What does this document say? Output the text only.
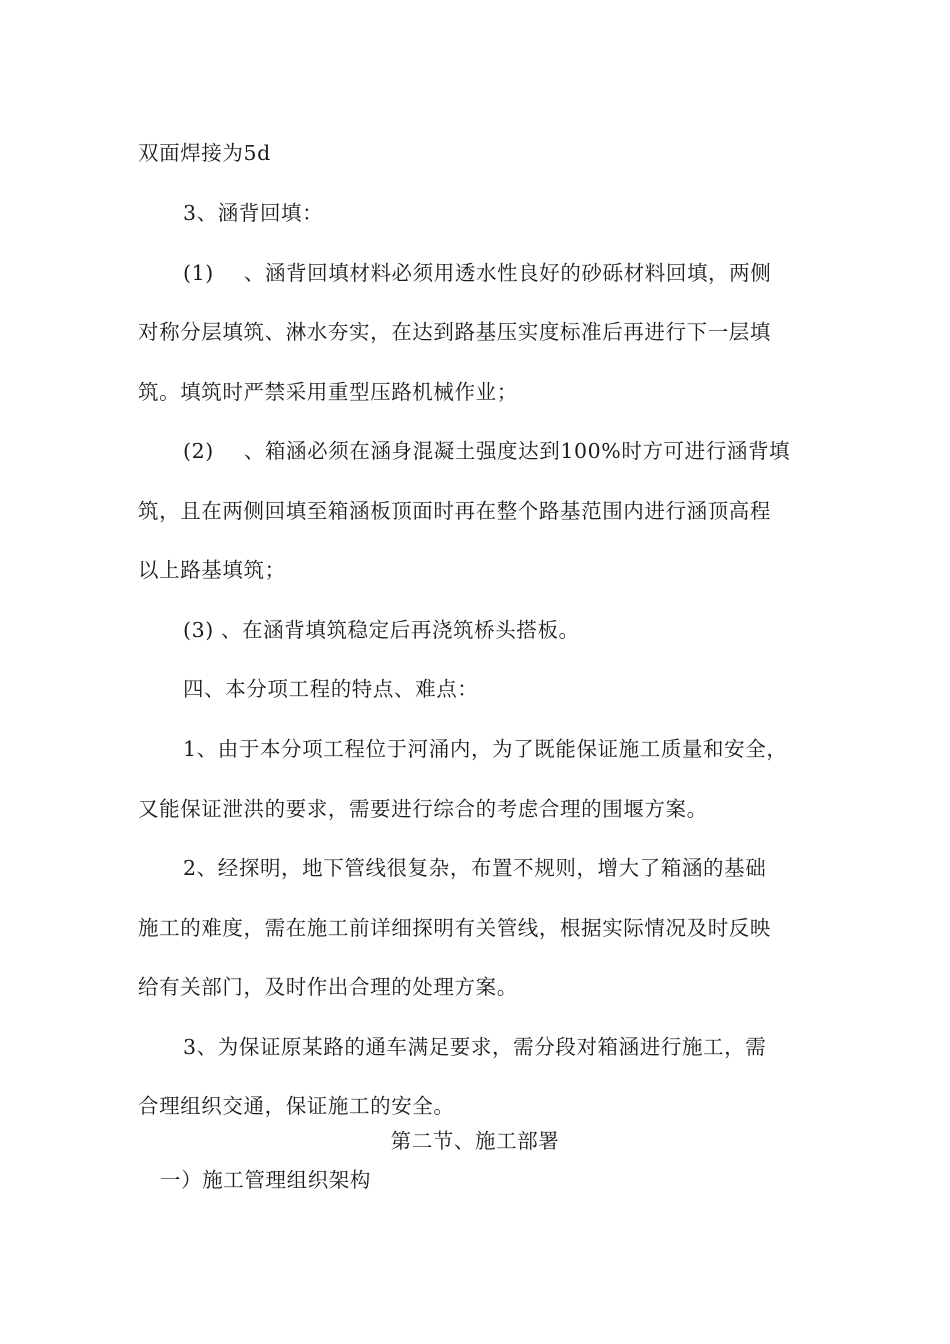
双面焊接为5d
3、涵背回填：
(1) 、涵背回填材料必须用透水性良好的砂砾材料回填，两侧
对称分层填筑、淋水夯实，在达到路基压实度标准后再进行下一层填
筑。填筑时严禁采用重型压路机械作业；
(2) 、箱涵必须在涵身混凝土强度达到100%时方可进行涵背填
筑，且在两侧回填至箱涵板顶面时再在整个路基范围内进行涵顶高程
以上路基填筑；
(3) 、在涵背填筑稳定后再浇筑桥头搭板。
四、本分项工程的特点、难点：
1、由于本分项工程位于河涌内，为了既能保证施工质量和安全，
又能保证泄洪的要求，需要进行综合的考虑合理的围堰方案。
2、经探明，地下管线很复杂，布置不规则，增大了箱涵的基础
施工的难度，需在施工前详细探明有关管线，根据实际情况及时反映
给有关部门，及时作出合理的处理方案。
3、为保证原某路的通车满足要求，需分段对箱涵进行施工，需
合理组织交通，保证施工的安全。
第二节、施工部署
一）施工管理组织架构
